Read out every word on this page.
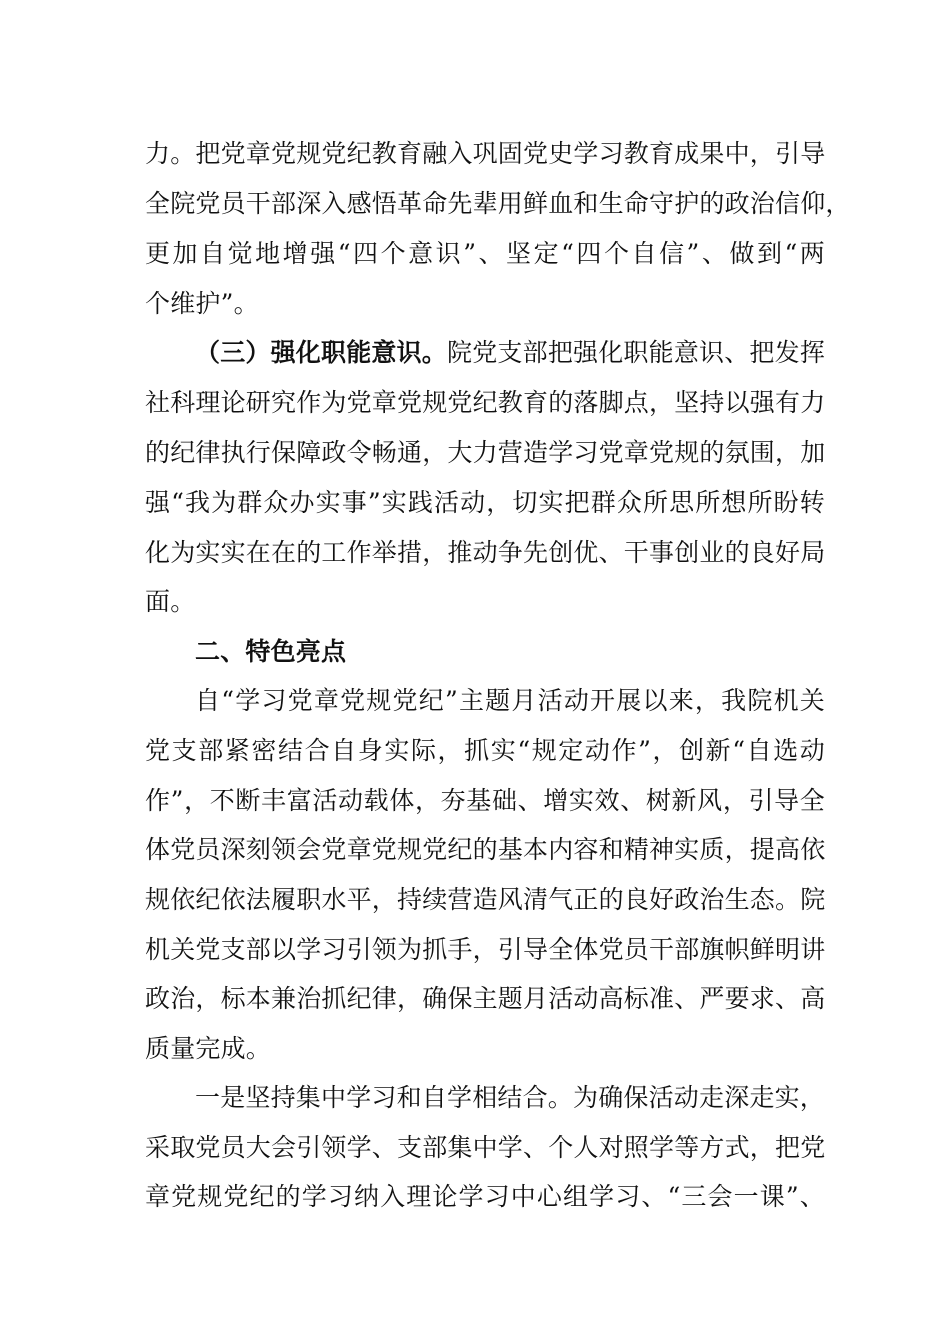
力。把党章党规党纪教育融入巩固党史学习教育成果中，引导
全院党员干部深入感悟革命先辈用鲜血和生命守护的政治信仰，
更加自觉地增强“四个意识”、坚定“四个自信”、做到“两
个维护”。
（三）强化职能意识。院党支部把强化职能意识、把发挥
社科理论研究作为党章党规党纪教育的落脚点，坚持以强有力
的纪律执行保障政令畅通，大力营造学习党章党规的氛围，加
强“我为群众办实事”实践活动，切实把群众所思所想所盼转
化为实实在在的工作举措，推动争先创优、干事创业的良好局
面。
二、特色亮点
自“学习党章党规党纪”主题月活动开展以来，我院机关
党支部紧密结合自身实际，抓实“规定动作”，创新“自选动
作”，不断丰富活动载体，夯基础、增实效、树新风，引导全
体党员深刻领会党章党规党纪的基本内容和精神实质，提高依
规依纪依法履职水平，持续营造风清气正的良好政治生态。院
机关党支部以学习引领为抓手，引导全体党员干部旗帜鲜明讲
政治，标本兼治抓纪律，确保主题月活动高标准、严要求、高
质量完成。
一是坚持集中学习和自学相结合。为确保活动走深走实，
采取党员大会引领学、支部集中学、个人对照学等方式，把党
章党规党纪的学习纳入理论学习中心组学习、“三会一课”、
